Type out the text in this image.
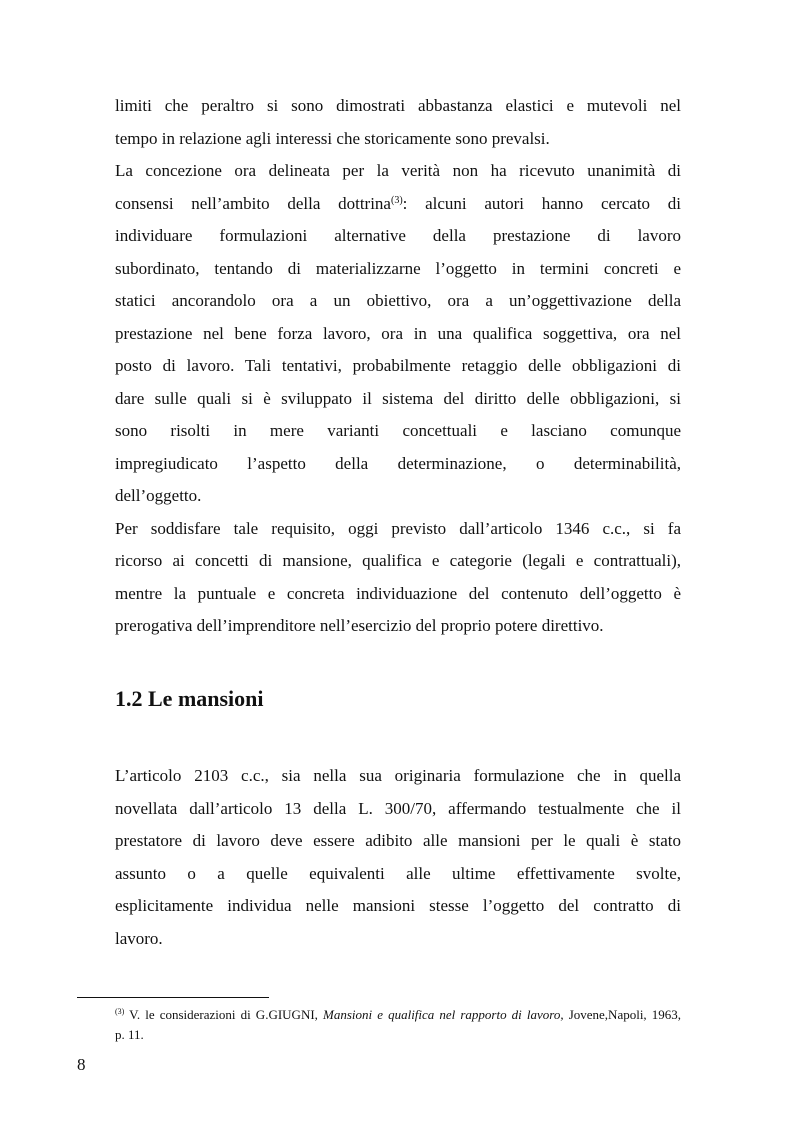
limiti che peraltro si sono dimostrati abbastanza elastici e mutevoli nel
tempo in relazione agli interessi che storicamente sono prevalsi.

La concezione ora delineata per la verità non ha ricevuto unanimità di
consensi nell’ambito della dottrina$^{(3)}$: alcuni autori hanno cercato di
individuare formulazioni alternative della prestazione di lavoro
subordinato, tentando di materializzarne l’oggetto in termini concreti e
statici ancorandolo ora a un obiettivo, ora a un’oggettivazione della
prestazione nel bene forza lavoro, ora in una qualifica soggettiva, ora nel
posto di lavoro. Tali tentativi, probabilmente retaggio delle obbligazioni di
dare sulle quali si è sviluppato il sistema del diritto delle obbligazioni, si
sono risolti in mere varianti concettuali e lasciano comunque
impregiudicato l’aspetto della determinazione, o determinabilità,
dell’oggetto.

Per soddisfare tale requisito, oggi previsto dall’articolo 1346 c.c., si fa
ricorso ai concetti di mansione, qualifica e categorie (legali e contrattuali),
mentre la puntuale e concreta individuazione del contenuto dell’oggetto è
prerogativa dell’imprenditore nell’esercizio del proprio potere direttivo.

1.2 Le mansioni

L’articolo 2103 c.c., sia nella sua originaria formulazione che in quella
novellata dall’articolo 13 della L. 300/70, affermando testualmente che il
prestatore di lavoro deve essere adibito alle mansioni per le quali è stato
assunto o a quelle equivalenti alle ultime effettivamente svolte,
esplicitamente individua nelle mansioni stesse l’oggetto del contratto di
lavoro.

$^{(3)}$ V. le considerazioni di G.GIUGNI, Mansioni e qualifica nel rapporto di lavoro, Jovene,Napoli, 1963,
p. 11.
8
